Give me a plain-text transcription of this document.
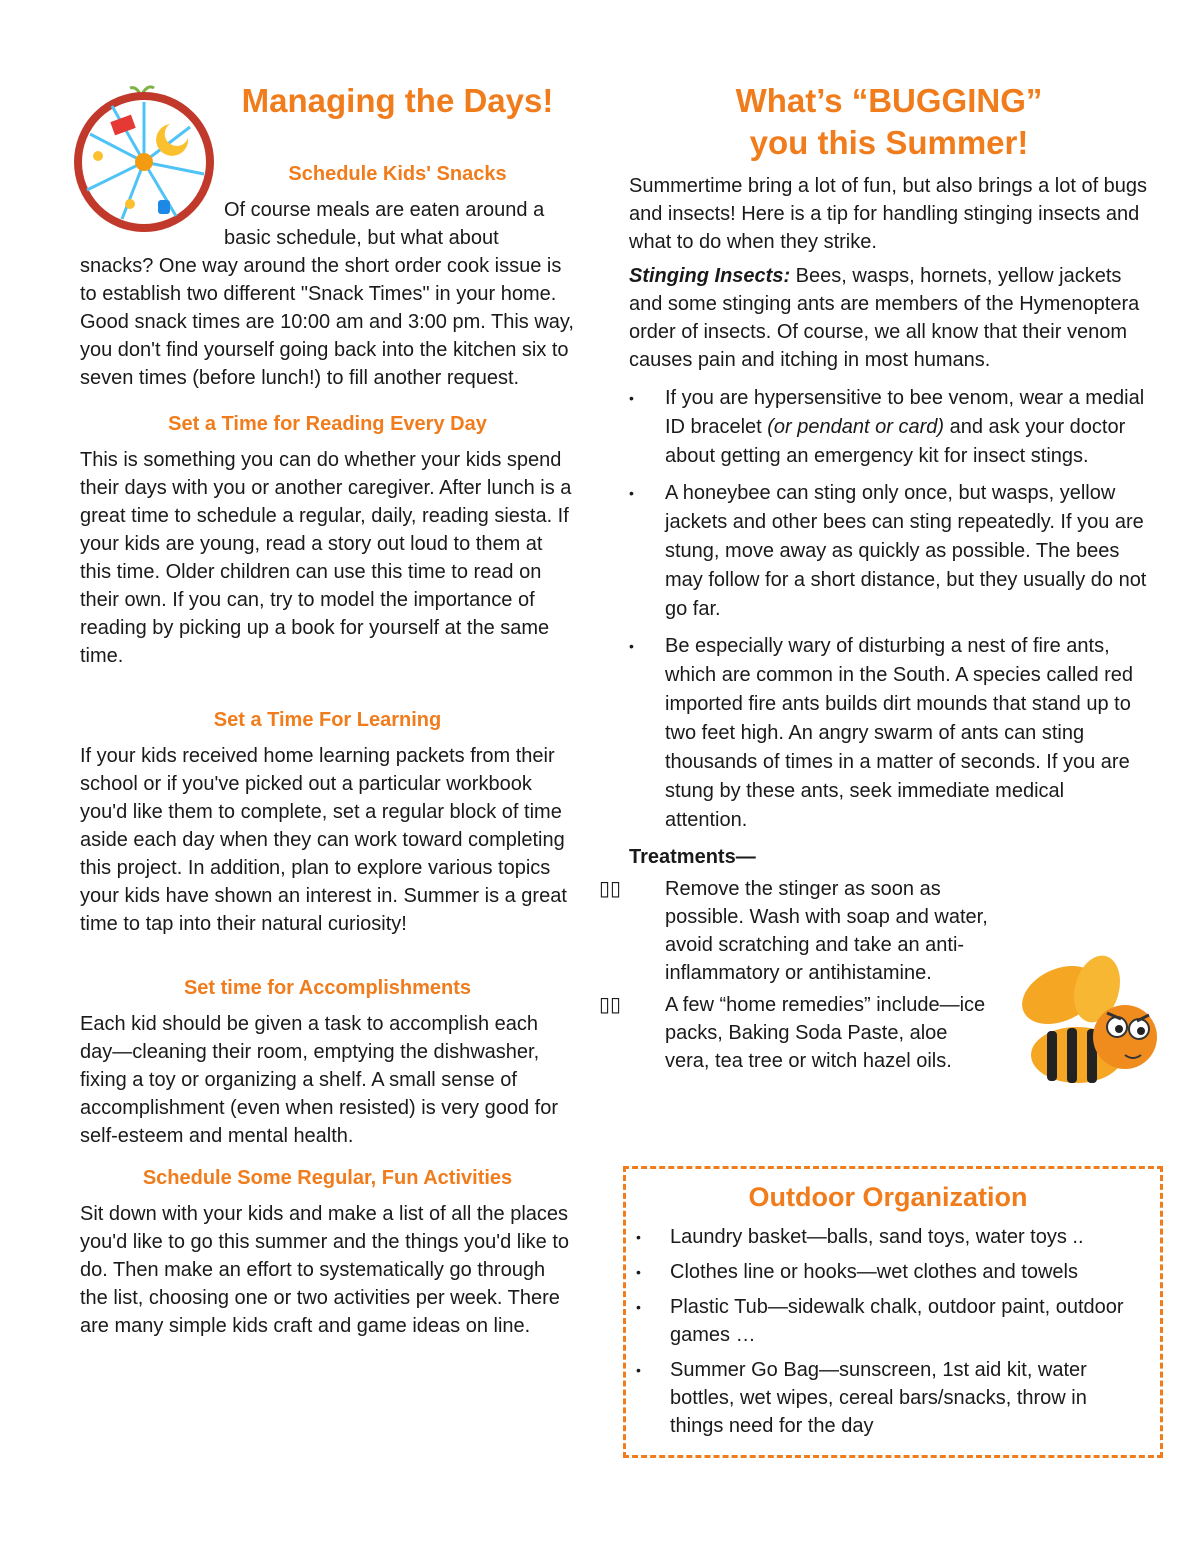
Managing the Days!
Schedule Kids' Snacks

Of course meals are eaten around a basic schedule, but what about

snacks? One way around the short order cook issue is to establish two different "Snack Times" in your home. Good snack times are 10:00 am and 3:00 pm. This way, you don't find yourself going back into the kitchen six to seven times (before lunch!) to fill another request.

Set a Time for Reading Every Day

This is something you can do whether your kids spend their days with you or another caregiver. After lunch is a great time to schedule a regular, daily, reading siesta. If your kids are young, read a story out loud to them at this time. Older children can use this time to read on their own. If you can, try to model the importance of reading by picking up a book for yourself at the same time.

Set a Time For Learning

If your kids received home learning packets from their school or if you've picked out a particular workbook you'd like them to complete, set a regular block of time aside each day when they can work toward completing this project. In addition, plan to explore various topics your kids have shown an interest in. Summer is a great time to tap into their natural curiosity!

Set time for Accomplishments

Each kid should be given a task to accomplish each day—cleaning their room, emptying the dishwasher, fixing a toy or organizing a shelf. A small sense of accomplishment (even when resisted) is very good for self-esteem and mental health.

Schedule Some Regular, Fun Activities

Sit down with your kids and make a list of all the places you'd like to go this summer and the things you'd like to do. Then make an effort to systematically go through the list, choosing one or two activities per week. There are many simple kids craft and game ideas on line.

What’s “BUGGING”
you this Summer!

Summertime bring a lot of fun, but also brings a lot of bugs and insects! Here is a tip for handling stinging insects and what to do when they strike.

Stinging Insects: Bees, wasps, hornets, yellow jackets and some stinging ants are members of the Hymenoptera order of insects. Of course, we all know that their venom causes pain and itching in most humans.

• If you are hypersensitive to bee venom, wear a medial ID bracelet (or pendant or card) and ask your doctor about getting an emergency kit for insect stings.
• A honeybee can sting only once, but wasps, yellow jackets and other bees can sting repeatedly. If you are stung, move away as quickly as possible. The bees may follow for a short distance, but they usually do not go far.
• Be especially wary of disturbing a nest of fire ants, which are common in the South. A species called red imported fire ants builds dirt mounds that stand up to two feet high. An angry swarm of ants can sting thousands of times in a matter of seconds. If you are stung by these ants, seek immediate medical attention.

Treatments—

▯▯ Remove the stinger as soon as possible. Wash with soap and water, avoid scratching and take an anti-inflammatory or antihistamine.
▯▯ A few “home remedies” include—ice packs, Baking Soda Paste, aloe vera, tea tree or witch hazel oils.
Outdoor Organization
• Laundry basket—balls, sand toys, water toys ..
• Clothes line or hooks—wet clothes and towels
• Plastic Tub—sidewalk chalk, outdoor paint, outdoor games …
• Summer Go Bag—sunscreen, 1st aid kit, water bottles, wet wipes, cereal bars/snacks, throw in things need for the day
